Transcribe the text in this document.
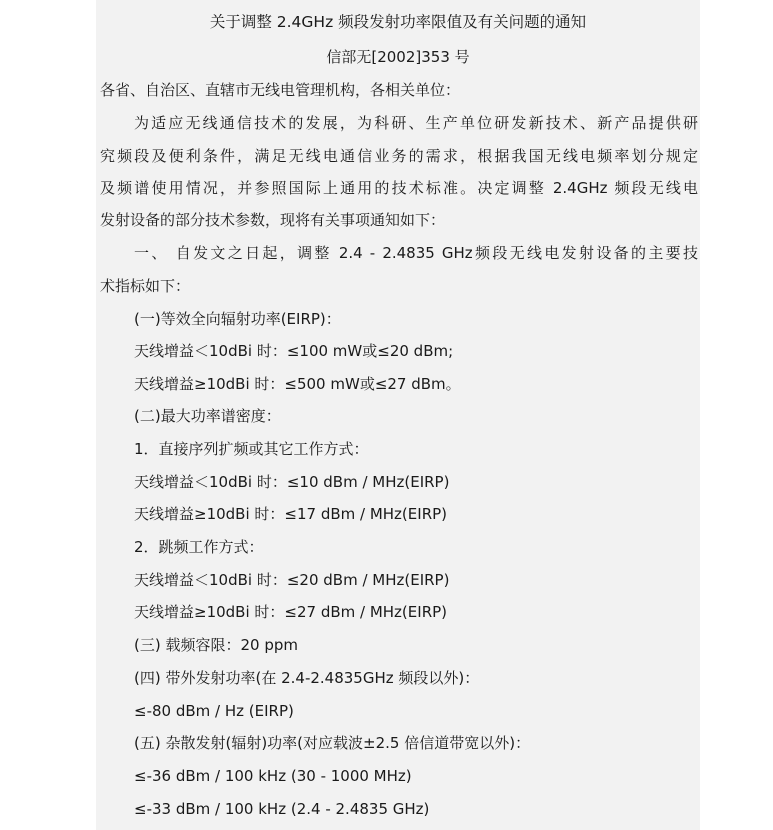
关于调整 2.4GHz 频段发射功率限值及有关问题的通知
信部无[2002]353 号
各省、自治区、直辖市无线电管理机构，各相关单位：
为适应无线通信技术的发展，为科研、生产单位研发新技术、新产品提供研
究频段及便利条件，满足无线电通信业务的需求，根据我国无线电频率划分规定
及频谱使用情况，并参照国际上通用的技术标准。决定调整 2.4GHz 频段无线电
发射设备的部分技术参数，现将有关事项通知如下：
一、 自发文之日起，调整 2.4 - 2.4835 GHz频段无线电发射设备的主要技
术指标如下：
(一)等效全向辐射功率(EIRP)：
天线增益＜10dBi 时：≤100 mW或≤20 dBm;
天线增益≥10dBi 时：≤500 mW或≤27 dBm。
(二)最大功率谱密度：
1．直接序列扩频或其它工作方式：
天线增益＜10dBi 时：≤10 dBm / MHz(EIRP)
天线增益≥10dBi 时：≤17 dBm / MHz(EIRP)
2．跳频工作方式：
天线增益＜10dBi 时：≤20 dBm / MHz(EIRP)
天线增益≥10dBi 时：≤27 dBm / MHz(EIRP)
(三) 载频容限：20 ppm
(四) 带外发射功率(在 2.4-2.4835GHz 频段以外)：
≤-80 dBm / Hz (EIRP)
(五) 杂散发射(辐射)功率(对应载波±2.5 倍信道带宽以外)：
≤-36 dBm / 100 kHz (30 - 1000 MHz)
≤-33 dBm / 100 kHz (2.4 - 2.4835 GHz)
